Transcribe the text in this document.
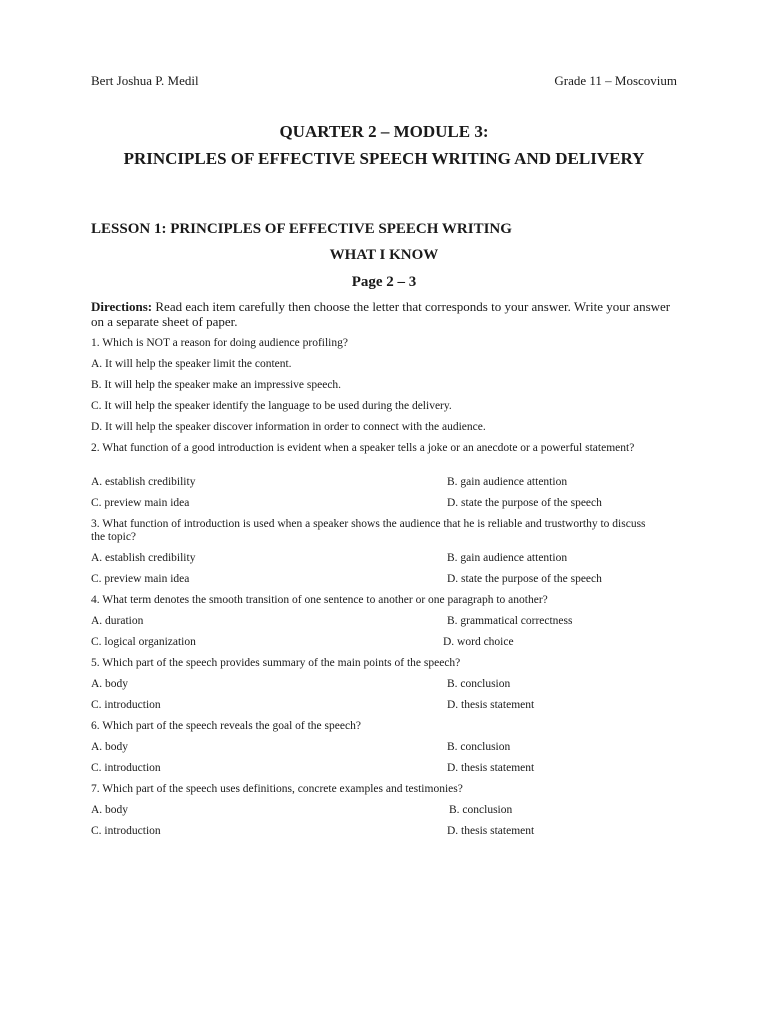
Bert Joshua P. Medil	Grade 11 – Moscovium
QUARTER 2 – MODULE 3:
PRINCIPLES OF EFFECTIVE SPEECH WRITING AND DELIVERY
LESSON 1: PRINCIPLES OF EFFECTIVE SPEECH WRITING
WHAT I KNOW
Page 2 – 3
Directions: Read each item carefully then choose the letter that corresponds to your answer. Write your answer on a separate sheet of paper.
1. Which is NOT a reason for doing audience profiling?
A. It will help the speaker limit the content.
B. It will help the speaker make an impressive speech.
C. It will help the speaker identify the language to be used during the delivery.
D. It will help the speaker discover information in order to connect with the audience.
2. What function of a good introduction is evident when a speaker tells a joke or an anecdote or a powerful statement?
A. establish credibility	B. gain audience attention
C. preview main idea	D. state the purpose of the speech
3. What function of introduction is used when a speaker shows the audience that he is reliable and trustworthy to discuss the topic?
A. establish credibility	B. gain audience attention
C. preview main idea	D. state the purpose of the speech
4. What term denotes the smooth transition of one sentence to another or one paragraph to another?
A. duration	B. grammatical correctness
C. logical organization	D. word choice
5. Which part of the speech provides summary of the main points of the speech?
A. body	B. conclusion
C. introduction	D. thesis statement
6. Which part of the speech reveals the goal of the speech?
A. body	B. conclusion
C. introduction	D. thesis statement
7. Which part of the speech uses definitions, concrete examples and testimonies?
A. body	B. conclusion
C. introduction	D. thesis statement
